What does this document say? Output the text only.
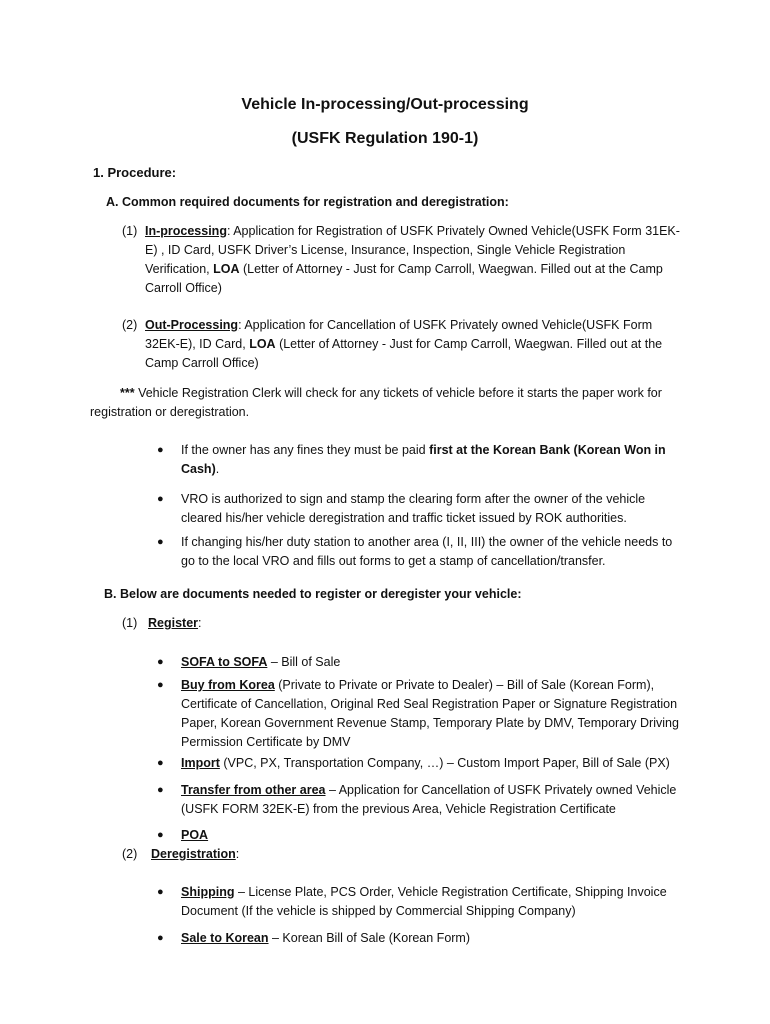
Vehicle In-processing/Out-processing
(USFK Regulation 190-1)
1. Procedure:
A. Common required documents for registration and deregistration:
(1) In-processing: Application for Registration of USFK Privately Owned Vehicle(USFK Form 31EK-E) , ID Card, USFK Driver’s License, Insurance, Inspection, Single Vehicle Registration Verification, LOA (Letter of Attorney - Just for Camp Carroll, Waegwan. Filled out at the Camp Carroll Office)
(2) Out-Processing: Application for Cancellation of USFK Privately owned Vehicle(USFK Form 32EK-E), ID Card, LOA (Letter of Attorney - Just for Camp Carroll, Waegwan. Filled out at the Camp Carroll Office)
*** Vehicle Registration Clerk will check for any tickets of vehicle before it starts the paper work for registration or deregistration.
● If the owner has any fines they must be paid first at the Korean Bank (Korean Won in Cash).
● VRO is authorized to sign and stamp the clearing form after the owner of the vehicle cleared his/her vehicle deregistration and traffic ticket issued by ROK authorities.
● If changing his/her duty station to another area (I, II, III) the owner of the vehicle needs to go to the local VRO and fills out forms to get a stamp of cancellation/transfer.
B. Below are documents needed to register or deregister your vehicle:
(1) Register:
● SOFA to SOFA – Bill of Sale
● Buy from Korea (Private to Private or Private to Dealer) – Bill of Sale (Korean Form), Certificate of Cancellation, Original Red Seal Registration Paper or Signature Registration Paper, Korean Government Revenue Stamp, Temporary Plate by DMV, Temporary Driving Permission Certificate by DMV
● Import (VPC, PX, Transportation Company, …) – Custom Import Paper, Bill of Sale (PX)
● Transfer from other area – Application for Cancellation of USFK Privately owned Vehicle (USFK FORM 32EK-E) from the previous Area, Vehicle Registration Certificate
● POA
(2) Deregistration:
● Shipping – License Plate, PCS Order, Vehicle Registration Certificate, Shipping Invoice Document (If the vehicle is shipped by Commercial Shipping Company)
● Sale to Korean – Korean Bill of Sale (Korean Form)
